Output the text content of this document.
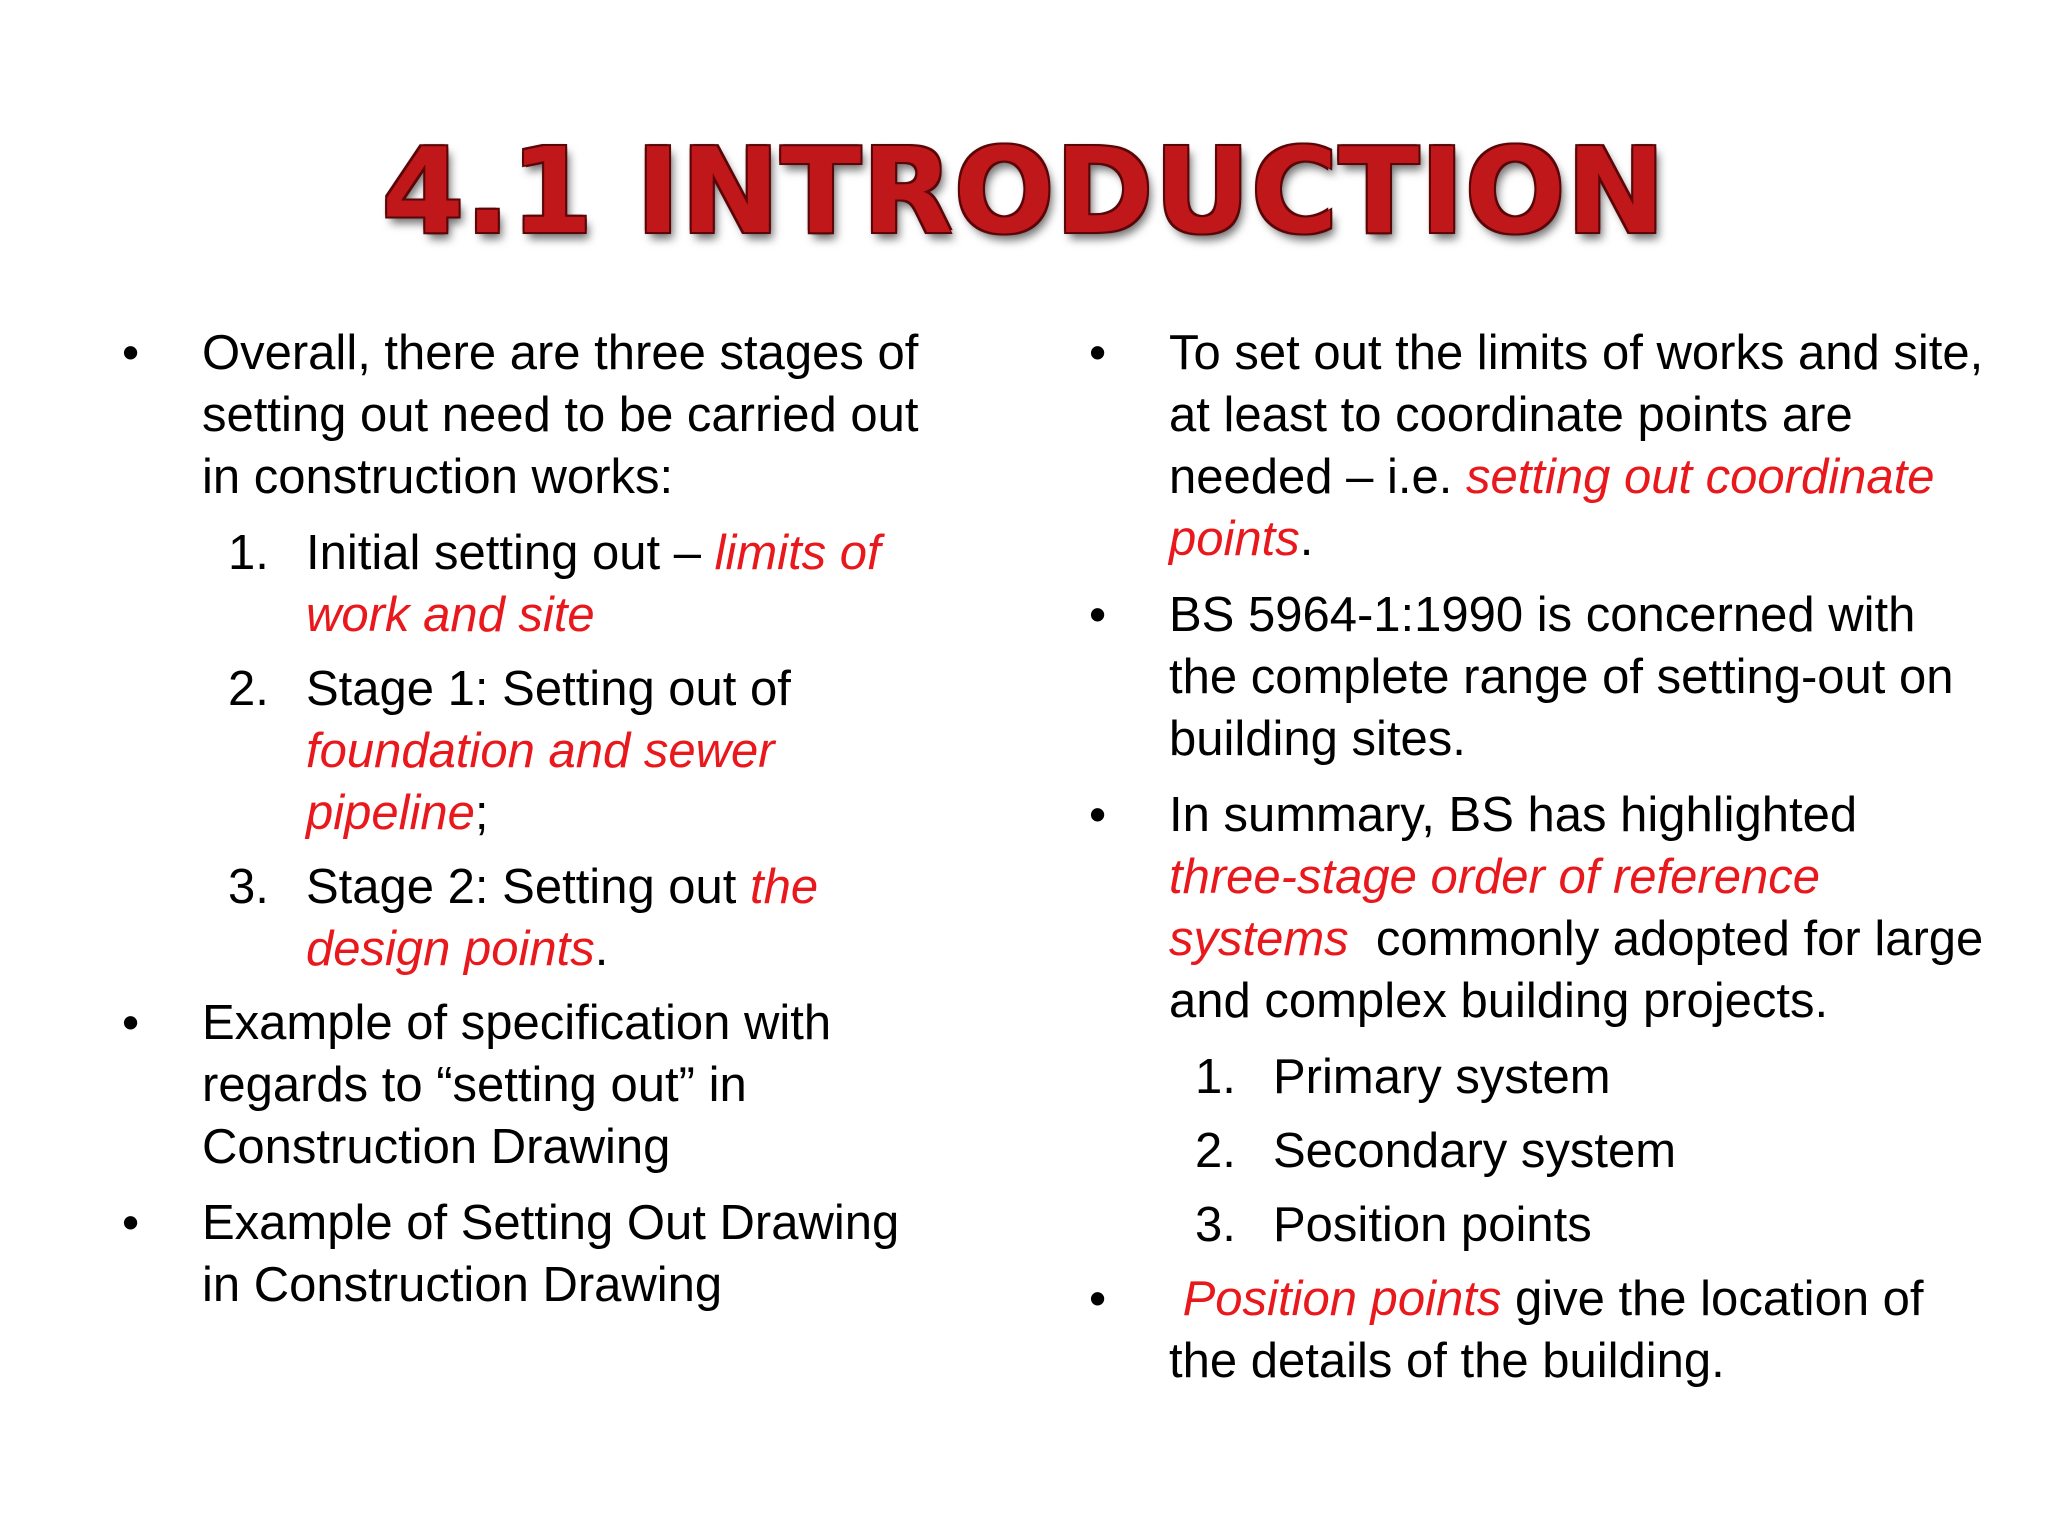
4.1 INTRODUCTION
• Overall, there are three stages of setting out need to be carried out in construction works:
1. Initial setting out – limits of work and site
2. Stage 1: Setting out of foundation and sewer pipeline;
3. Stage 2: Setting out the design points.
• Example of specification with regards to “setting out” in Construction Drawing
• Example of Setting Out Drawing in Construction Drawing
• To set out the limits of works and site, at least to coordinate points are needed – i.e. setting out coordinate points.
• BS 5964-1:1990 is concerned with the complete range of setting-out on building sites.
• In summary, BS has highlighted three-stage order of reference systems  commonly adopted for large and complex building projects.
1. Primary system
2. Secondary system
3. Position points
• Position points give the location of the details of the building.
